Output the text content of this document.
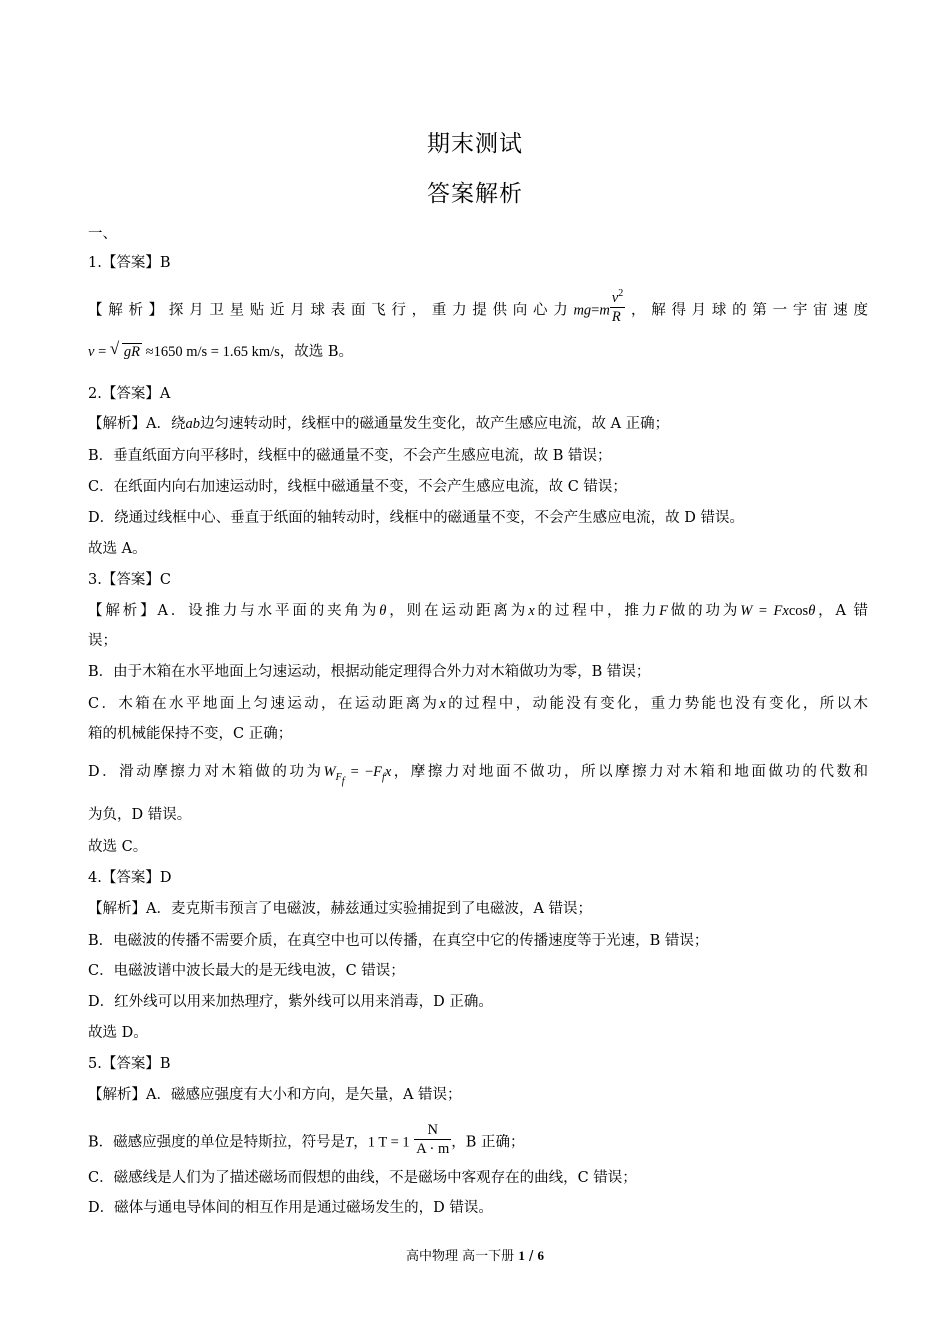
期末测试
答案解析
一、
1.【答案】B
【解析】探月卫星贴近月球表面飞行，重力提供向心力$mg=m \frac{v^2}{R}$ ，解得月球的第一宇宙速度
v = √ gR ≈1650 m/s = 1.65 km/s，故选 B。
2.【答案】A
【解析】A．绕ab边匀速转动时，线框中的磁通量发生变化，故产生感应电流，故 A 正确；
B．垂直纸面方向平移时，线框中的磁通量不变，不会产生感应电流，故 B 错误；
C．在纸面内向右加速运动时，线框中磁通量不变，不会产生感应电流，故 C 错误；
D．绕通过线框中心、垂直于纸面的轴转动时，线框中的磁通量不变，不会产生感应电流，故 D 错误。
故选 A。
3.【答案】C
【解析】A．设推力与水平面的夹角为θ，则在运动距离为x的过程中，推力F做的功为W = Fxcosθ，A 错
误；
B．由于木箱在水平地面上匀速运动，根据动能定理得合外力对木箱做功为零，B 错误；
C．木箱在水平地面上匀速运动，在运动距离为x的过程中，动能没有变化，重力势能也没有变化，所以木
箱的机械能保持不变，C 正确；
D．滑动摩擦力对木箱做的功为$W_{F_f} = -F_fx$，摩擦力对地面不做功，所以摩擦力对木箱和地面做功的代数和
为负，D 错误。
故选 C。
4.【答案】D
【解析】A．麦克斯韦预言了电磁波，赫兹通过实验捕捉到了电磁波，A 错误；
B．电磁波的传播不需要介质，在真空中也可以传播，在真空中它的传播速度等于光速，B 错误；
C．电磁波谱中波长最大的是无线电波，C 错误；
D．红外线可以用来加热理疗，紫外线可以用来消毒，D 正确。
故选 D。
5.【答案】B
【解析】A．磁感应强度有大小和方向，是矢量，A 错误；
B．磁感应强度的单位是特斯拉，符号是T，1 $T = 1 \frac{N}{A \cdot m}$ ，B 正确；
C．磁感线是人们为了描述磁场而假想的曲线，不是磁场中客观存在的曲线，C 错误；
D．磁体与通电导体间的相互作用是通过磁场发生的，D 错误。
高中物理 高一下册 1 / 6
